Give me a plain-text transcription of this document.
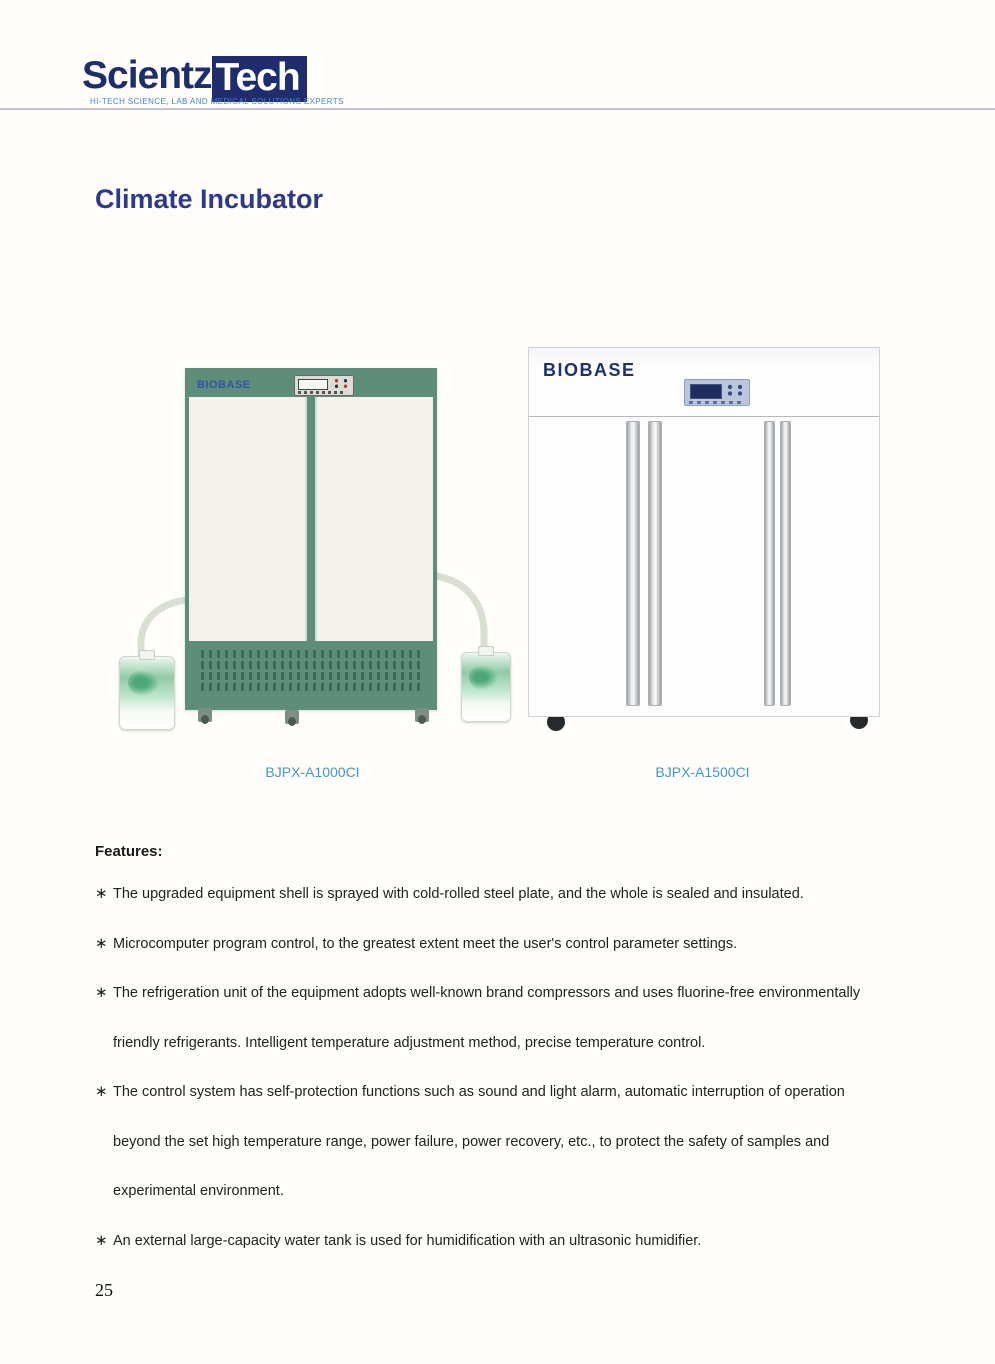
Scientz Tech
HI-TECH SCIENCE, LAB AND MEDICAL SOLUTIONS EXPERTS
Climate Incubator
BIOBASE
BIOBASE
BJPX-A1000CI	BJPX-A1500CI
Features:
∗ The upgraded equipment shell is sprayed with cold-rolled steel plate, and the whole is sealed and insulated.
∗ Microcomputer program control, to the greatest extent meet the user's control parameter settings.
∗ The refrigeration unit of the equipment adopts well-known brand compressors and uses fluorine-free environmentally
friendly refrigerants. Intelligent temperature adjustment method, precise temperature control.
∗ The control system has self-protection functions such as sound and light alarm, automatic interruption of operation
beyond the set high temperature range, power failure, power recovery, etc., to protect the safety of samples and
experimental environment.
∗ An external large-capacity water tank is used for humidification with an ultrasonic humidifier.
25
